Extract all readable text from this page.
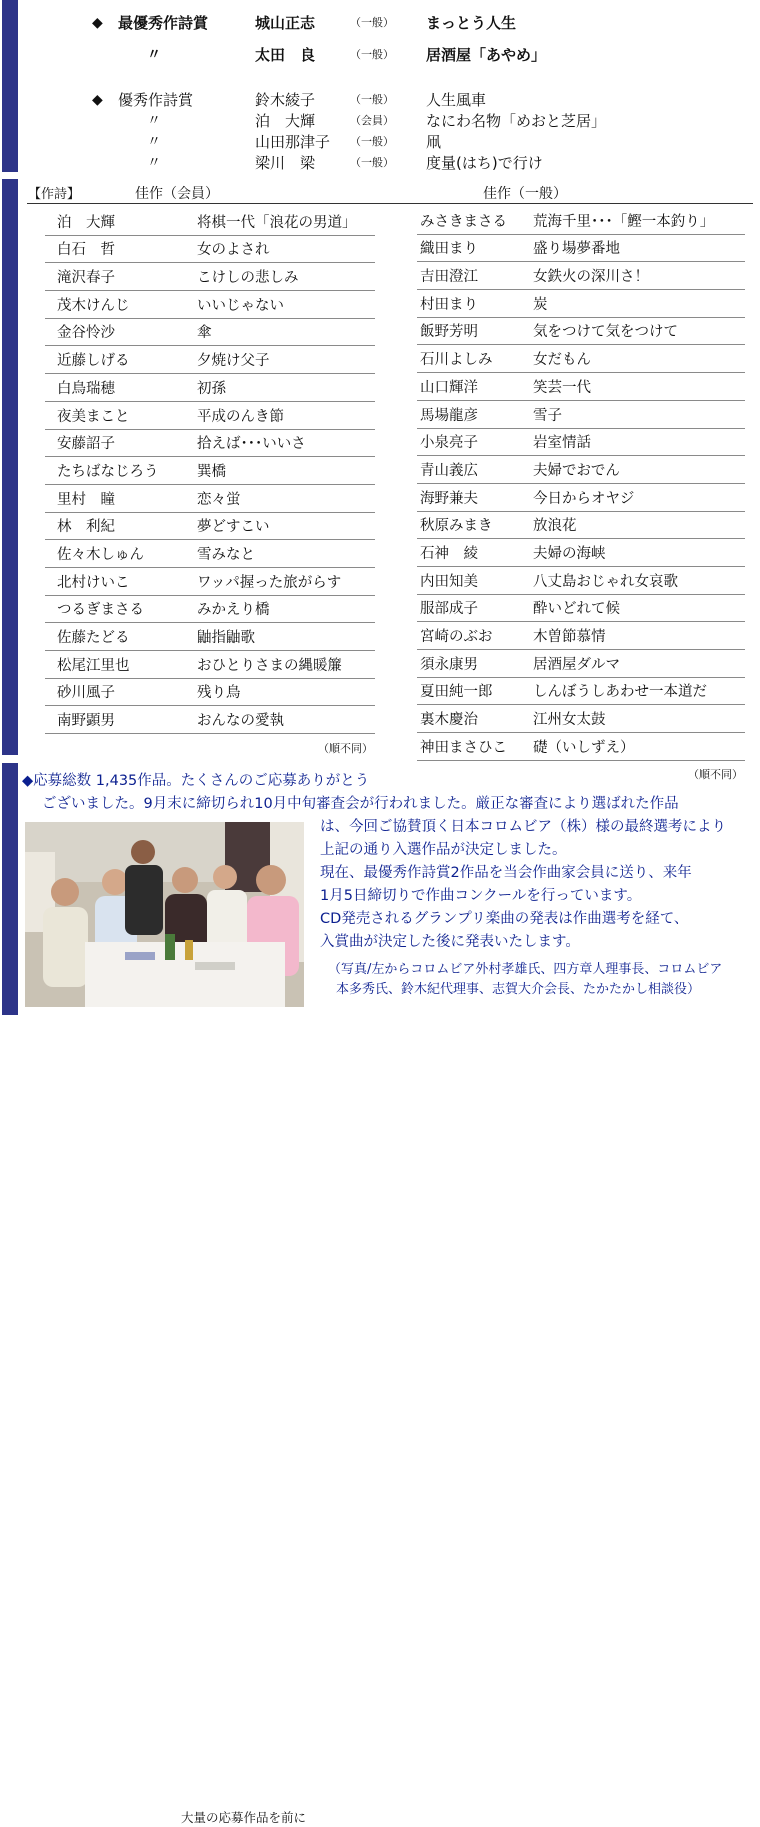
◆ 最優秀作詩賞	城山正志	（一般） まっとう人生
〃	太田　良	（一般） 居酒屋「あやめ」
◆ 優秀作詩賞	鈴木綾子	（一般） 人生風車
〃	泊　大輝	（会員） なにわ名物「めおと芝居」
〃	山田那津子 （一般） 凧
〃	梁川　梁	（一般） 度量(はち)で行け
【作詩】	佳作（会員）	佳作（一般）
泊　大輝	将棋一代「浪花の男道」
白石　哲	女のよされ
滝沢春子	こけしの悲しみ
茂木けんじ	いいじゃない
金谷怜沙	傘
近藤しげる	夕焼け父子
白鳥瑞穂	初孫
夜美まこと	平成のんき節
安藤詔子	拾えば･･･いいさ
たちばなじろう	巽橋
里村　瞳	恋々蛍
林　利紀	夢どすこい
佐々木しゅん	雪みなと
北村けいこ	ワッパ握った旅がらす
つるぎまさる	みかえり橋
佐藤たどる	鼬指鼬歌
松尾江里也	おひとりさまの縄暖簾
砂川風子	残り鳥
南野顕男	おんなの愛執
みさきまさる 荒海千里･･･「鰹一本釣り」
織田まり	盛り場夢番地
吉田澄江	女鉄火の深川さ！
村田まり	炭
飯野芳明	気をつけて気をつけて
石川よしみ	女だもん
山口輝洋	笑芸一代
馬場龍彦	雪子
小泉亮子	岩室情話
青山義広	夫婦でおでん
海野兼夫	今日からオヤジ
秋原みまき	放浪花
石神　綾	夫婦の海峡
内田知美	八丈島おじゃれ女哀歌
服部成子	酔いどれて候
宮崎のぶお	木曽節慕情
須永康男	居酒屋ダルマ
夏田純一郎	しんぼうしあわせ一本道だ
裏木慶治	江州女太鼓
神田まさひこ 礎（いしずえ）
（順不同）
（順不同）
◆応募総数 1,435作品。たくさんのご応募ありがとう
ございました。9月末に締切られ10月中旬審査会が行われました。厳正な審査により選ばれた作品
は、今回ご協賛頂く日本コロムビア（株）様の最終選考により
上記の通り入選作品が決定しました。
現在、最優秀作詩賞2作品を当会作曲家会員に送り、来年
1月5日締切りで作曲コンクールを行っています。
CD発売されるグランプリ楽曲の発表は作曲選考を経て、
入賞曲が決定した後に発表いたします。
（写真/左からコロムビア外村孝雄氏、四方章人理事長、コロムビア
本多秀氏、鈴木紀代理事、志賀大介会長、たかたかし相談役）
大量の応募作品を前に
